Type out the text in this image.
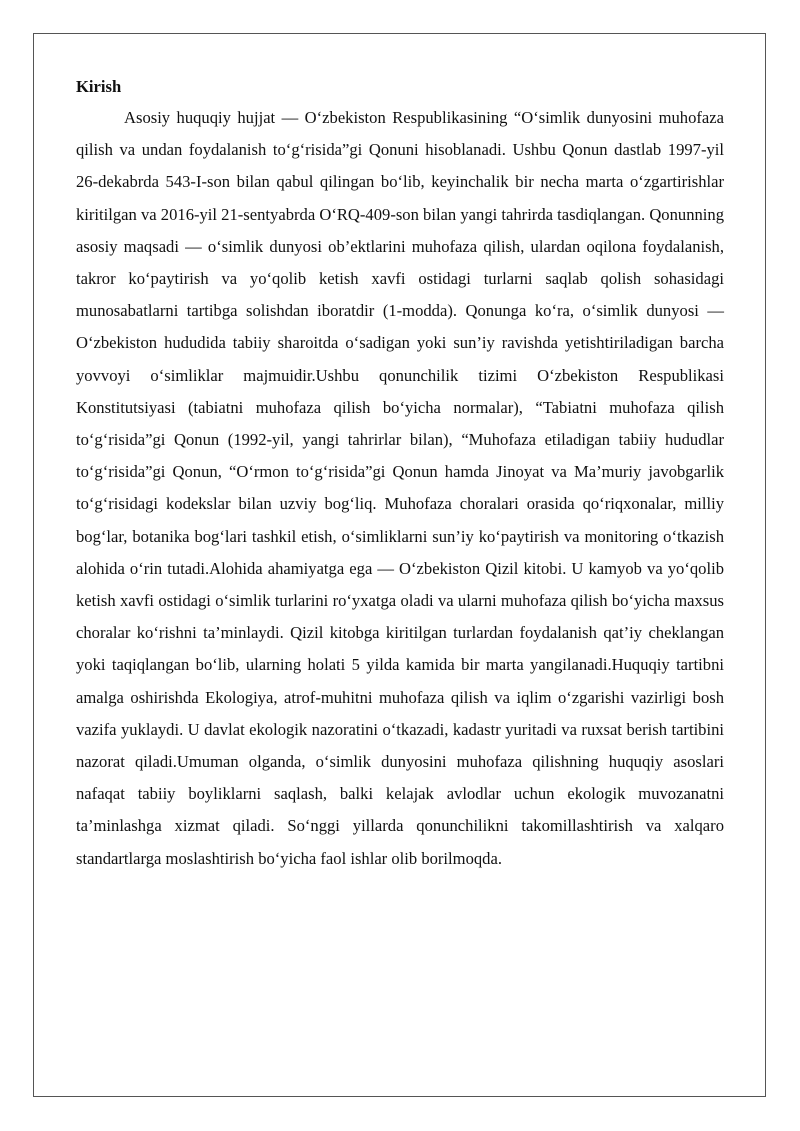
Kirish

Asosiy huquqiy hujjat — O‘zbekiston Respublikasining “O‘simlik dunyosini muhofaza qilish va undan foydalanish to‘g‘risida”gi Qonuni hisoblanadi. Ushbu Qonun dastlab 1997-yil 26-dekabrda 543-I-son bilan qabul qilingan bo‘lib, keyinchalik bir necha marta o‘zgartirishlar kiritilgan va 2016-yil 21-sentyabrda O‘RQ-409-son bilan yangi tahrirda tasdiqlangan. Qonunning asosiy maqsadi — o‘simlik dunyosi ob’ektlarini muhofaza qilish, ulardan oqilona foydalanish, takror ko‘paytirish va yo‘qolib ketish xavfi ostidagi turlarni saqlab qolish sohasidagi munosabatlarni tartibga solishdan iboratdir (1-modda). Qonunga ko‘ra, o‘simlik dunyosi — O‘zbekiston hududida tabiiy sharoitda o‘sadigan yoki sun’iy ravishda yetishtiriladigan barcha yovvoyi o‘simliklar majmuidir.Ushbu qonunchilik tizimi O‘zbekiston Respublikasi Konstitutsiyasi (tabiatni muhofaza qilish bo‘yicha normalar), “Tabiatni muhofaza qilish to‘g‘risida”gi Qonun (1992-yil, yangi tahrirlar bilan), “Muhofaza etiladigan tabiiy hududlar to‘g‘risida”gi Qonun, “O‘rmon to‘g‘risida”gi Qonun hamda Jinoyat va Ma’muriy javobgarlik to‘g‘risidagi kodekslar bilan uzviy bog‘liq. Muhofaza choralari orasida qo‘riqxonalar, milliy bog‘lar, botanika bog‘lari tashkil etish, o‘simliklarni sun’iy ko‘paytirish va monitoring o‘tkazish alohida o‘rin tutadi.Alohida ahamiyatga ega — O‘zbekiston Qizil kitobi. U kamyob va yo‘qolib ketish xavfi ostidagi o‘simlik turlarini ro‘yxatga oladi va ularni muhofaza qilish bo‘yicha maxsus choralar ko‘rishni ta’minlaydi. Qizil kitobga kiritilgan turlardan foydalanish qat’iy cheklangan yoki taqiqlangan bo‘lib, ularning holati 5 yilda kamida bir marta yangilanadi.Huquqiy tartibni amalga oshirishda Ekologiya, atrof-muhitni muhofaza qilish va iqlim o‘zgarishi vazirligi bosh vazifa yuklaydi. U davlat ekologik nazoratini o‘tkazadi, kadastr yuritadi va ruxsat berish tartibini nazorat qiladi.Umuman olganda, o‘simlik dunyosini muhofaza qilishning huquqiy asoslari nafaqat tabiiy boyliklarni saqlash, balki kelajak avlodlar uchun ekologik muvozanatni ta’minlashga xizmat qiladi. So‘nggi yillarda qonunchilikni takomillashtirish va xalqaro standartlarga moslashtirish bo‘yicha faol ishlar olib borilmoqda.
